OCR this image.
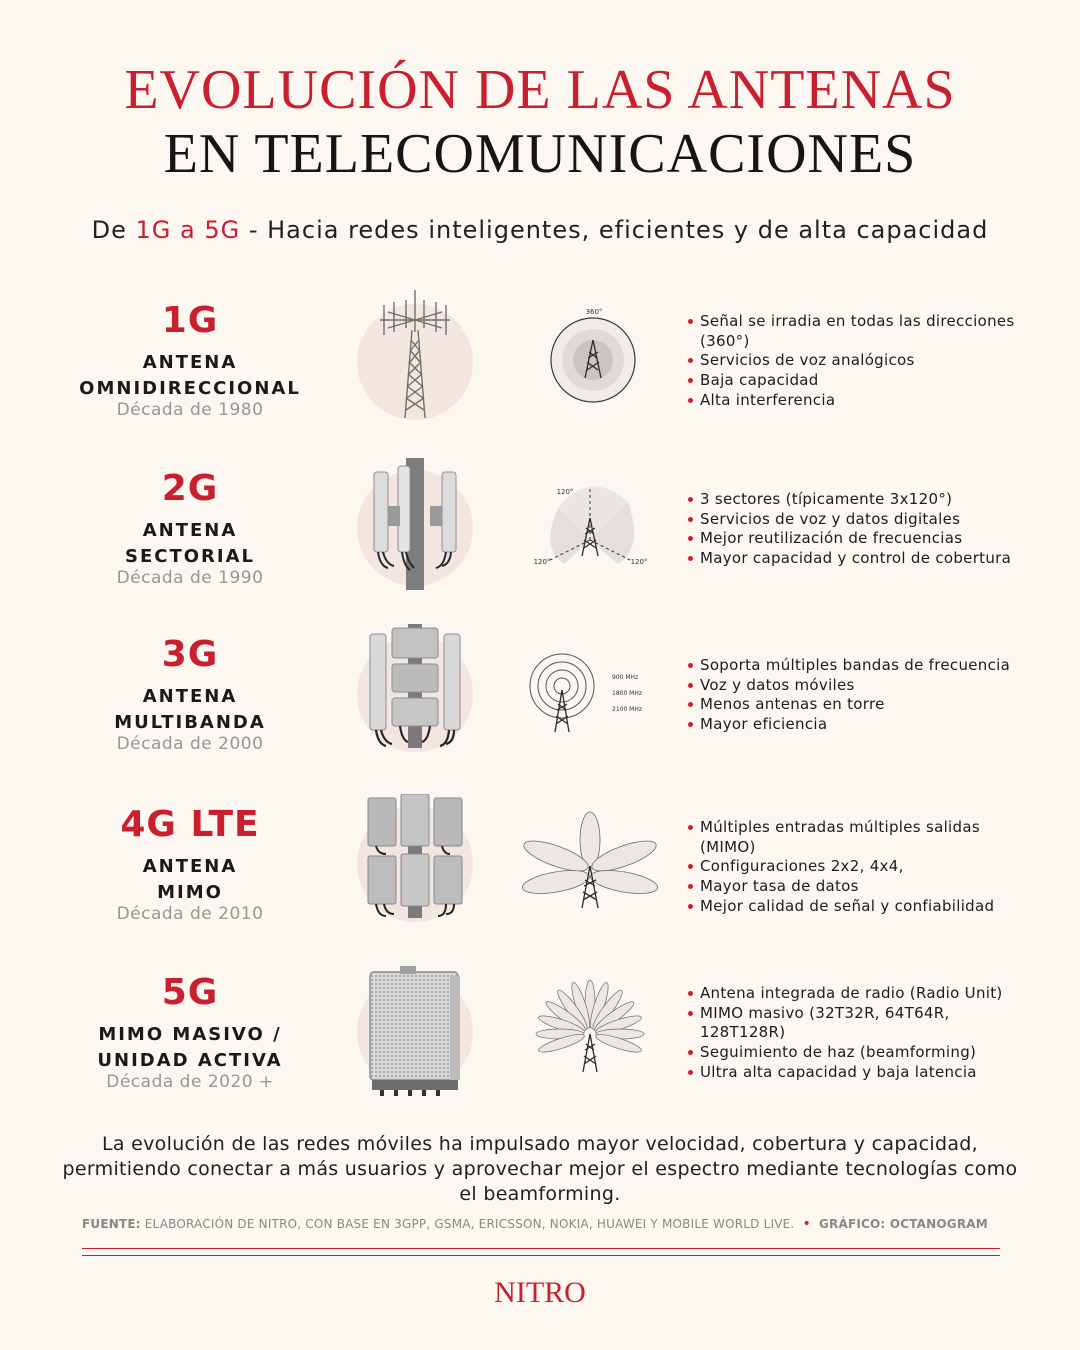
EVOLUCIÓN DE LAS ANTENAS
EN TELECOMUNICACIONES
De 1G a 5G - Hacia redes inteligentes, eficientes y de alta capacidad
1G
ANTENA
OMNIDIRECCIONAL
Década de 1980
360°	Señal se irradia en todas las direcciones (360°)
Servicios de voz analógicos
Baja capacidad
Alta interferencia
2G
ANTENA
SECTORIAL
Década de 1990
120°
120°	120°
3 sectores (típicamente 3x120°)
Servicios de voz y datos digitales
Mejor reutilización de frecuencias
Mayor capacidad y control de cobertura
3G
ANTENA
MULTIBANDA
Década de 2000
900 MHz
1800 MHz
2100 MHz
Soporta múltiples bandas de frecuencia
Voz y datos móviles
Menos antenas en torre
Mayor eficiencia
4G LTE
ANTENA
MIMO
Década de 2010
Múltiples entradas múltiples salidas (MIMO)
Configuraciones 2x2, 4x4,
Mayor tasa de datos
Mejor calidad de señal y confiabilidad
5G
MIMO MASIVO /
UNIDAD ACTIVA
Década de 2020 +
Antena integrada de radio (Radio Unit)
MIMO masivo (32T32R, 64T64R, 128T128R)
Seguimiento de haz (beamforming)
Ultra alta capacidad y baja latencia
La evolución de las redes móviles ha impulsado mayor velocidad, cobertura y capacidad, permitiendo conectar a más usuarios y aprovechar mejor el espectro mediante tecnologías como el beamforming.
FUENTE: ELABORACIÓN DE NITRO, CON BASE EN 3GPP, GSMA, ERICSSON, NOKIA, HUAWEI Y MOBILE WORLD LIVE. • GRÁFICO: OCTANOGRAM
NITRO
